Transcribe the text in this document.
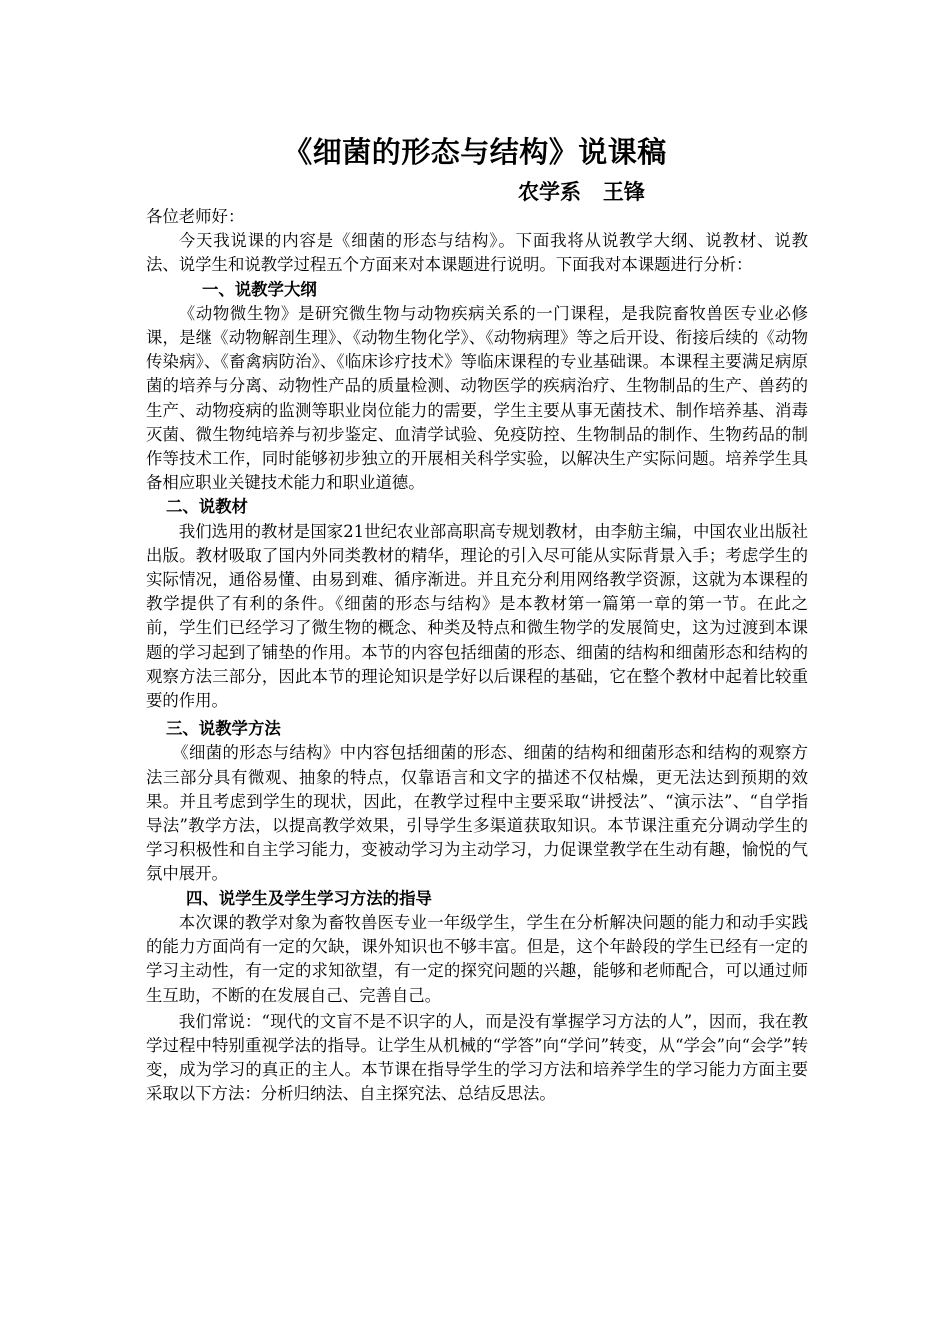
《细菌的形态与结构》说课稿
农学系   王锋

各位老师好：

今天我说课的内容是《细菌的形态与结构》。下面我将从说教学大纲、说教材、说教法、说学生和说教学过程五个方面来对本课题进行说明。下面我对本课题进行分析：

一、说教学大纲

《动物微生物》是研究微生物与动物疾病关系的一门课程，是我院畜牧兽医专业必修课，是继《动物解剖生理》、《动物生物化学》、《动物病理》等之后开设、衔接后续的《动物传染病》、《畜禽病防治》、《临床诊疗技术》等临床课程的专业基础课。本课程主要满足病原菌的培养与分离、动物性产品的质量检测、动物医学的疾病治疗、生物制品的生产、兽药的生产、动物疫病的监测等职业岗位能力的需要，学生主要从事无菌技术、制作培养基、消毒灭菌、微生物纯培养与初步鉴定、血清学试验、免疫防控、生物制品的制作、生物药品的制作等技术工作，同时能够初步独立的开展相关科学实验，以解决生产实际问题。培养学生具备相应职业关键技术能力和职业道德。

二、说教材

我们选用的教材是国家21世纪农业部高职高专规划教材，由李舫主编，中国农业出版社出版。教材吸取了国内外同类教材的精华，理论的引入尽可能从实际背景入手；考虑学生的实际情况，通俗易懂、由易到难、循序渐进。并且充分利用网络教学资源，这就为本课程的教学提供了有利的条件。《细菌的形态与结构》是本教材第一篇第一章的第一节。在此之前，学生们已经学习了微生物的概念、种类及特点和微生物学的发展简史，这为过渡到本课题的学习起到了铺垫的作用。本节的内容包括细菌的形态、细菌的结构和细菌形态和结构的观察方法三部分，因此本节的理论知识是学好以后课程的基础，它在整个教材中起着比较重要的作用。

三、说教学方法

《细菌的形态与结构》中内容包括细菌的形态、细菌的结构和细菌形态和结构的观察方法三部分具有微观、抽象的特点，仅靠语言和文字的描述不仅枯燥，更无法达到预期的效果。并且考虑到学生的现状，因此，在教学过程中主要采取“讲授法”、“演示法”、“自学指导法”教学方法，以提高教学效果，引导学生多渠道获取知识。本节课注重充分调动学生的学习积极性和自主学习能力，变被动学习为主动学习，力促课堂教学在生动有趣，愉悦的气氛中展开。

四、说学生及学生学习方法的指导

本次课的教学对象为畜牧兽医专业一年级学生，学生在分析解决问题的能力和动手实践的能力方面尚有一定的欠缺，课外知识也不够丰富。但是，这个年龄段的学生已经有一定的学习主动性，有一定的求知欲望，有一定的探究问题的兴趣，能够和老师配合，可以通过师生互助，不断的在发展自己、完善自己。

我们常说：“现代的文盲不是不识字的人，而是没有掌握学习方法的人”，因而，我在教学过程中特别重视学法的指导。让学生从机械的“学答”向“学问”转变，从“学会”向“会学”转变，成为学习的真正的主人。本节课在指导学生的学习方法和培养学生的学习能力方面主要采取以下方法：分析归纳法、自主探究法、总结反思法。
